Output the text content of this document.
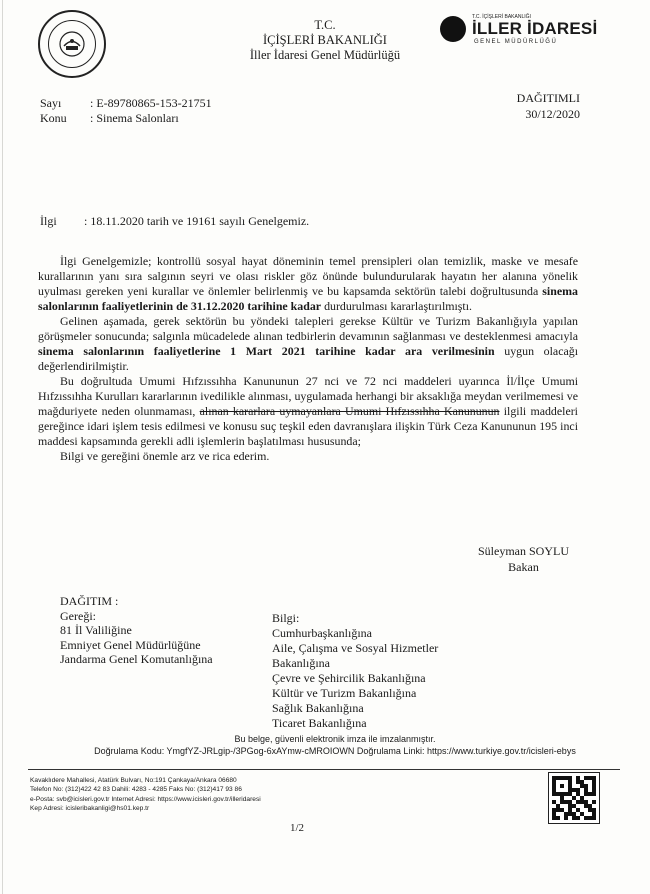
T.C.
İÇİŞLERİ BAKANLIĞI
İller İdaresi Genel Müdürlüğü
T.C. İÇİŞLERİ BAKANLIĞI
İLLER İDARESİ
GENEL MÜDÜRLÜĞÜ
Sayı : E-89780865-153-21751
Konu : Sinema Salonları
DAĞITIMLI
30/12/2020
İlgi : 18.11.2020 tarih ve 19161 sayılı Genelgemiz.

İlgi Genelgemizle; kontrollü sosyal hayat döneminin temel prensipleri olan temizlik, maske ve mesafe kurallarının yanı sıra salgının seyri ve olası riskler göz önünde bulundurularak hayatın her alanına yönelik uyulması gereken yeni kurallar ve önlemler belirlenmiş ve bu kapsamda sektörün talebi doğrultusunda sinema salonlarının faaliyetlerinin de 31.12.2020 tarihine kadar durdurulması kararlaştırılmıştı.

Gelinen aşamada, gerek sektörün bu yöndeki talepleri gerekse Kültür ve Turizm Bakanlığıyla yapılan görüşmeler sonucunda; salgınla mücadelede alınan tedbirlerin devamının sağlanması ve desteklenmesi amacıyla sinema salonlarının faaliyetlerine 1 Mart 2021 tarihine kadar ara verilmesinin uygun olacağı değerlendirilmiştir.

Bu doğrultuda Umumi Hıfzıssıhha Kanununun 27 nci ve 72 nci maddeleri uyarınca İl/İlçe Umumi Hıfzıssıhha Kurulları kararlarının ivedilikle alınması, uygulamada herhangi bir aksaklığa meydan verilmemesi ve mağduriyete neden olunmaması, alınan kararlara uymayanlara Umumi Hıfzıssıhha Kanununun ilgili maddeleri gereğince idari işlem tesis edilmesi ve konusu suç teşkil eden davranışlara ilişkin Türk Ceza Kanununun 195 inci maddesi kapsamında gerekli adli işlemlerin başlatılması hususunda;

Bilgi ve gereğini önemle arz ve rica ederim.

Süleyman SOYLU
Bakan
DAĞITIM :
Gereği:
81 İl Valiliğine
Emniyet Genel Müdürlüğüne
Jandarma Genel Komutanlığına
Bilgi:
Cumhurbaşkanlığına
Aile, Çalışma ve Sosyal Hizmetler
Bakanlığına
Çevre ve Şehircilik Bakanlığına
Kültür ve Turizm Bakanlığına
Sağlık Bakanlığına
Ticaret Bakanlığına
Bu belge, güvenli elektronik imza ile imzalanmıştır.
Doğrulama Kodu: YmgfYZ-JRLgip-/3PGog-6xAYmw-cMROIOWN Doğrulama Linki: https://www.turkiye.gov.tr/icisleri-ebys
Kavaklıdere Mahallesi, Atatürk Bulvarı, No:191 Çankaya/Ankara 06680
Telefon No: (312)422 42 83 Dahili: 4283 - 4285 Faks No: (312)417 93 86
e-Posta: svb@icisleri.gov.tr Internet Adresi: https://www.icisleri.gov.tr/illeridaresi
Kep Adresi: icisleribakanligi@hs01.kep.tr
1/2
